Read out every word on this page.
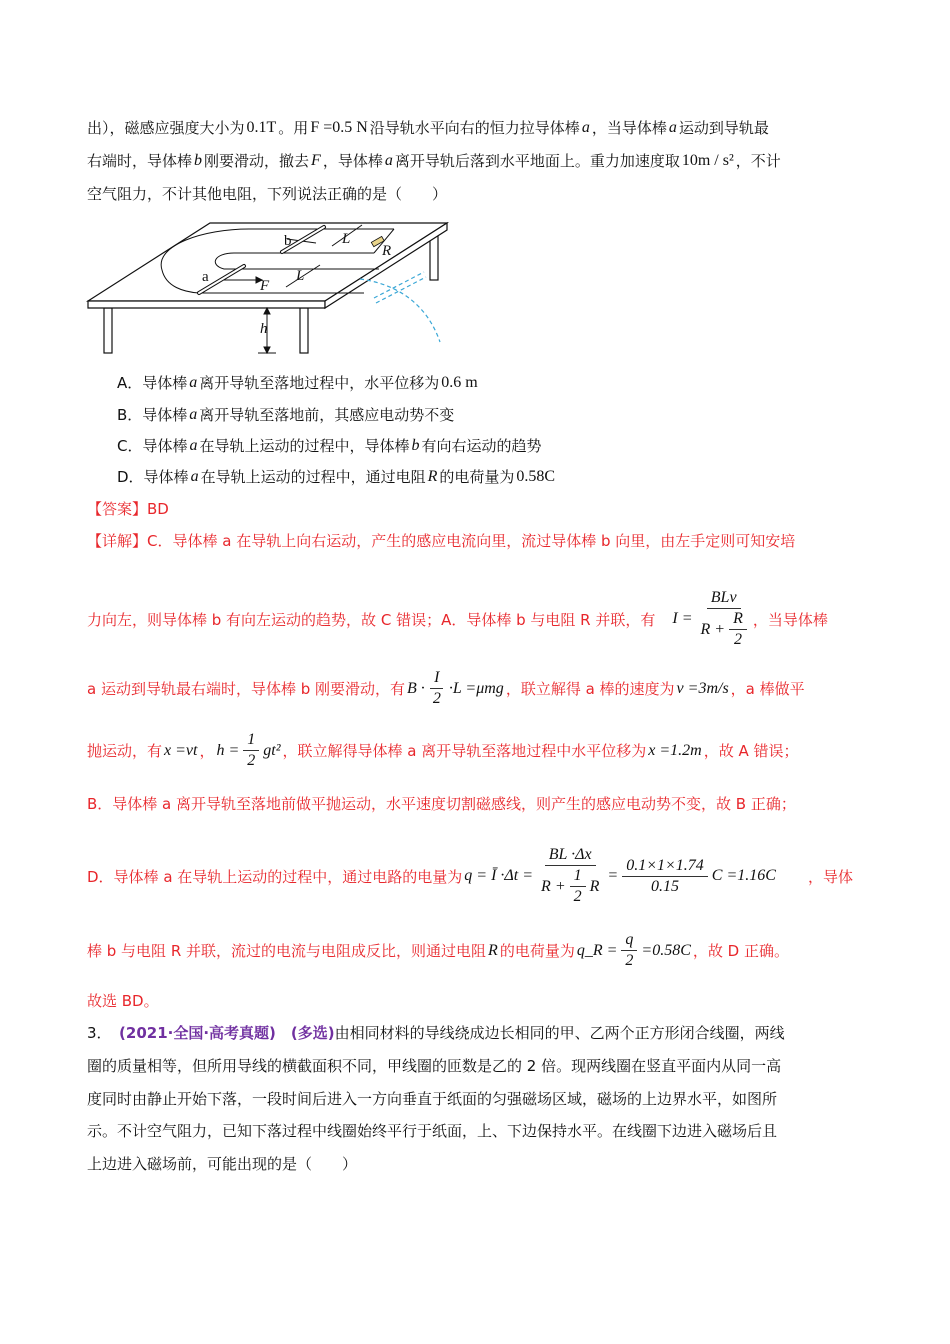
a
b
F
L
L
R
h
出），磁感应强度大小为 0.1T 。用 F =0.5 N 沿导轨水平向右的恒力拉导体棒 a ，当导体棒 a 运动到导轨最
右端时，导体棒 b 刚要滑动，撤去 F ，导体棒 a 离开导轨后落到水平地面上。重力加速度取 10m / s² ，不计
空气阻力，不计其他电阻，下列说法正确的是（　　）
A．导体棒 a 离开导轨至落地过程中，水平位移为 0.6 m
B．导体棒 a 离开导轨至落地前，其感应电动势不变
C．导体棒 a 在导轨上运动的过程中，导体棒 b 有向右运动的趋势
D．导体棒 a 在导轨上运动的过程中，通过电阻 R 的电荷量为 0.58C
【答案】BD
【详解】C．导体棒 a 在导轨上向右运动，产生的感应电流向里，流过导体棒 b 向里，由左手定则可知安培
力向左，则导体棒 b 有向左运动的趋势，故 C 错误；A．导体棒 b 与电阻 R 并联，有　 $I = \frac{\text{BLv}}{R + \frac{R}{2}}$ ，当导体棒
a 运动到导轨最右端时，导体棒 b 刚要滑动，有 $B \cdot \frac{I}{2} \cdot L =\mu mg$ ，联立解得 a 棒的速度为 v =3m/s ，a 棒做平
抛运动，有 x =vt ， $h = \frac{1}{2} gt^2$ ，联立解得导体棒 a 离开导轨至落地过程中水平位移为 x =1.2m ，故 A 错误；
B．导体棒 a 离开导轨至落地前做平抛运动，水平速度切割磁感线，则产生的感应电动势不变，故 B 正确；
D．导体棒 a 在导轨上运动的过程中，通过电路的电量为 q = Ī $\cdot\Delta t = \frac{BL \cdot\Delta x}{R + \frac{1}{2} R} = \frac{0.1\times 1\times 1.74}{0.15}$ C =1.16C 　　，导体
棒 b 与电阻 R 并联，流过的电流与电阻成反比，则通过电阻 R 的电荷量为 q_R = $\frac{q}{2} =0.58C$ ，故 D 正确。
故选 BD。
3．　 (2021·全国·高考真题)　(多选) 由相同材料的导线绕成边长相同的甲、乙两个正方形闭合线圈，两线
圈的质量相等，但所用导线的横截面积不同，甲线圈的匝数是乙的 2 倍。现两线圈在竖直平面内从同一高
度同时由静止开始下落，一段时间后进入一方向垂直于纸面的匀强磁场区域，磁场的上边界水平，如图所
示。不计空气阻力，已知下落过程中线圈始终平行于纸面，上、下边保持水平。在线圈下边进入磁场后且
上边进入磁场前，可能出现的是（　　）
